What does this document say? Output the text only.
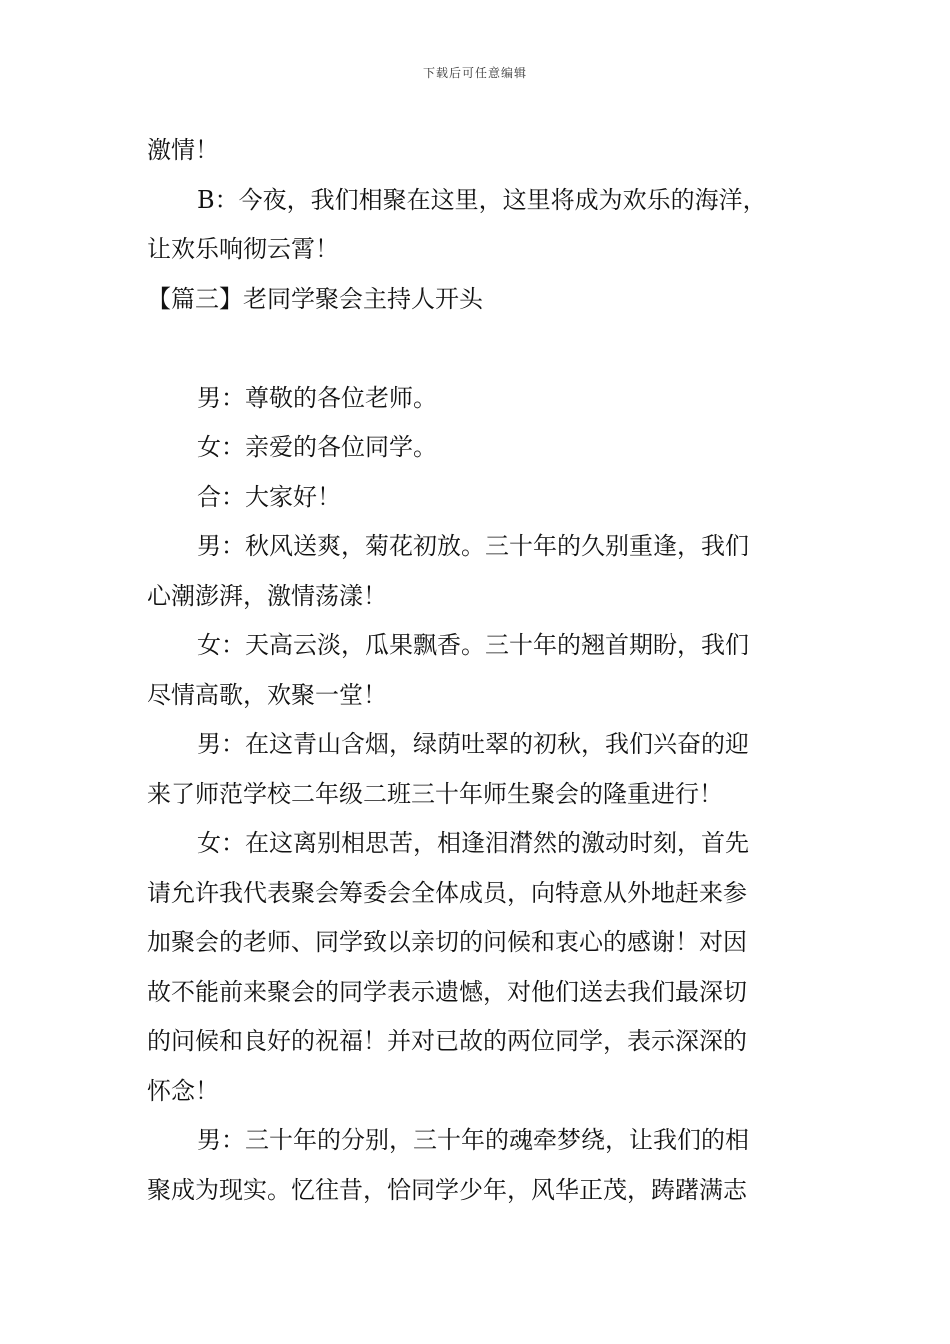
下载后可任意编辑
激情！
B：今夜，我们相聚在这里，这里将成为欢乐的海洋，
让欢乐响彻云霄！
【篇三】老同学聚会主持人开头
男：尊敬的各位老师。
女：亲爱的各位同学。
合：大家好！
男：秋风送爽，菊花初放。三十年的久别重逢，我们
心潮澎湃，激情荡漾！
女：天高云淡，瓜果飘香。三十年的翘首期盼，我们
尽情高歌，欢聚一堂！
男：在这青山含烟，绿荫吐翠的初秋，我们兴奋的迎
来了师范学校二年级二班三十年师生聚会的隆重进行！
女：在这离别相思苦，相逢泪潸然的激动时刻，首先
请允许我代表聚会筹委会全体成员，向特意从外地赶来参
加聚会的老师、同学致以亲切的问候和衷心的感谢！对因
故不能前来聚会的同学表示遗憾，对他们送去我们最深切
的问候和良好的祝福！并对已故的两位同学，表示深深的
怀念！
男：三十年的分别，三十年的魂牵梦绕，让我们的相
聚成为现实。忆往昔，恰同学少年，风华正茂，踌躇满志
